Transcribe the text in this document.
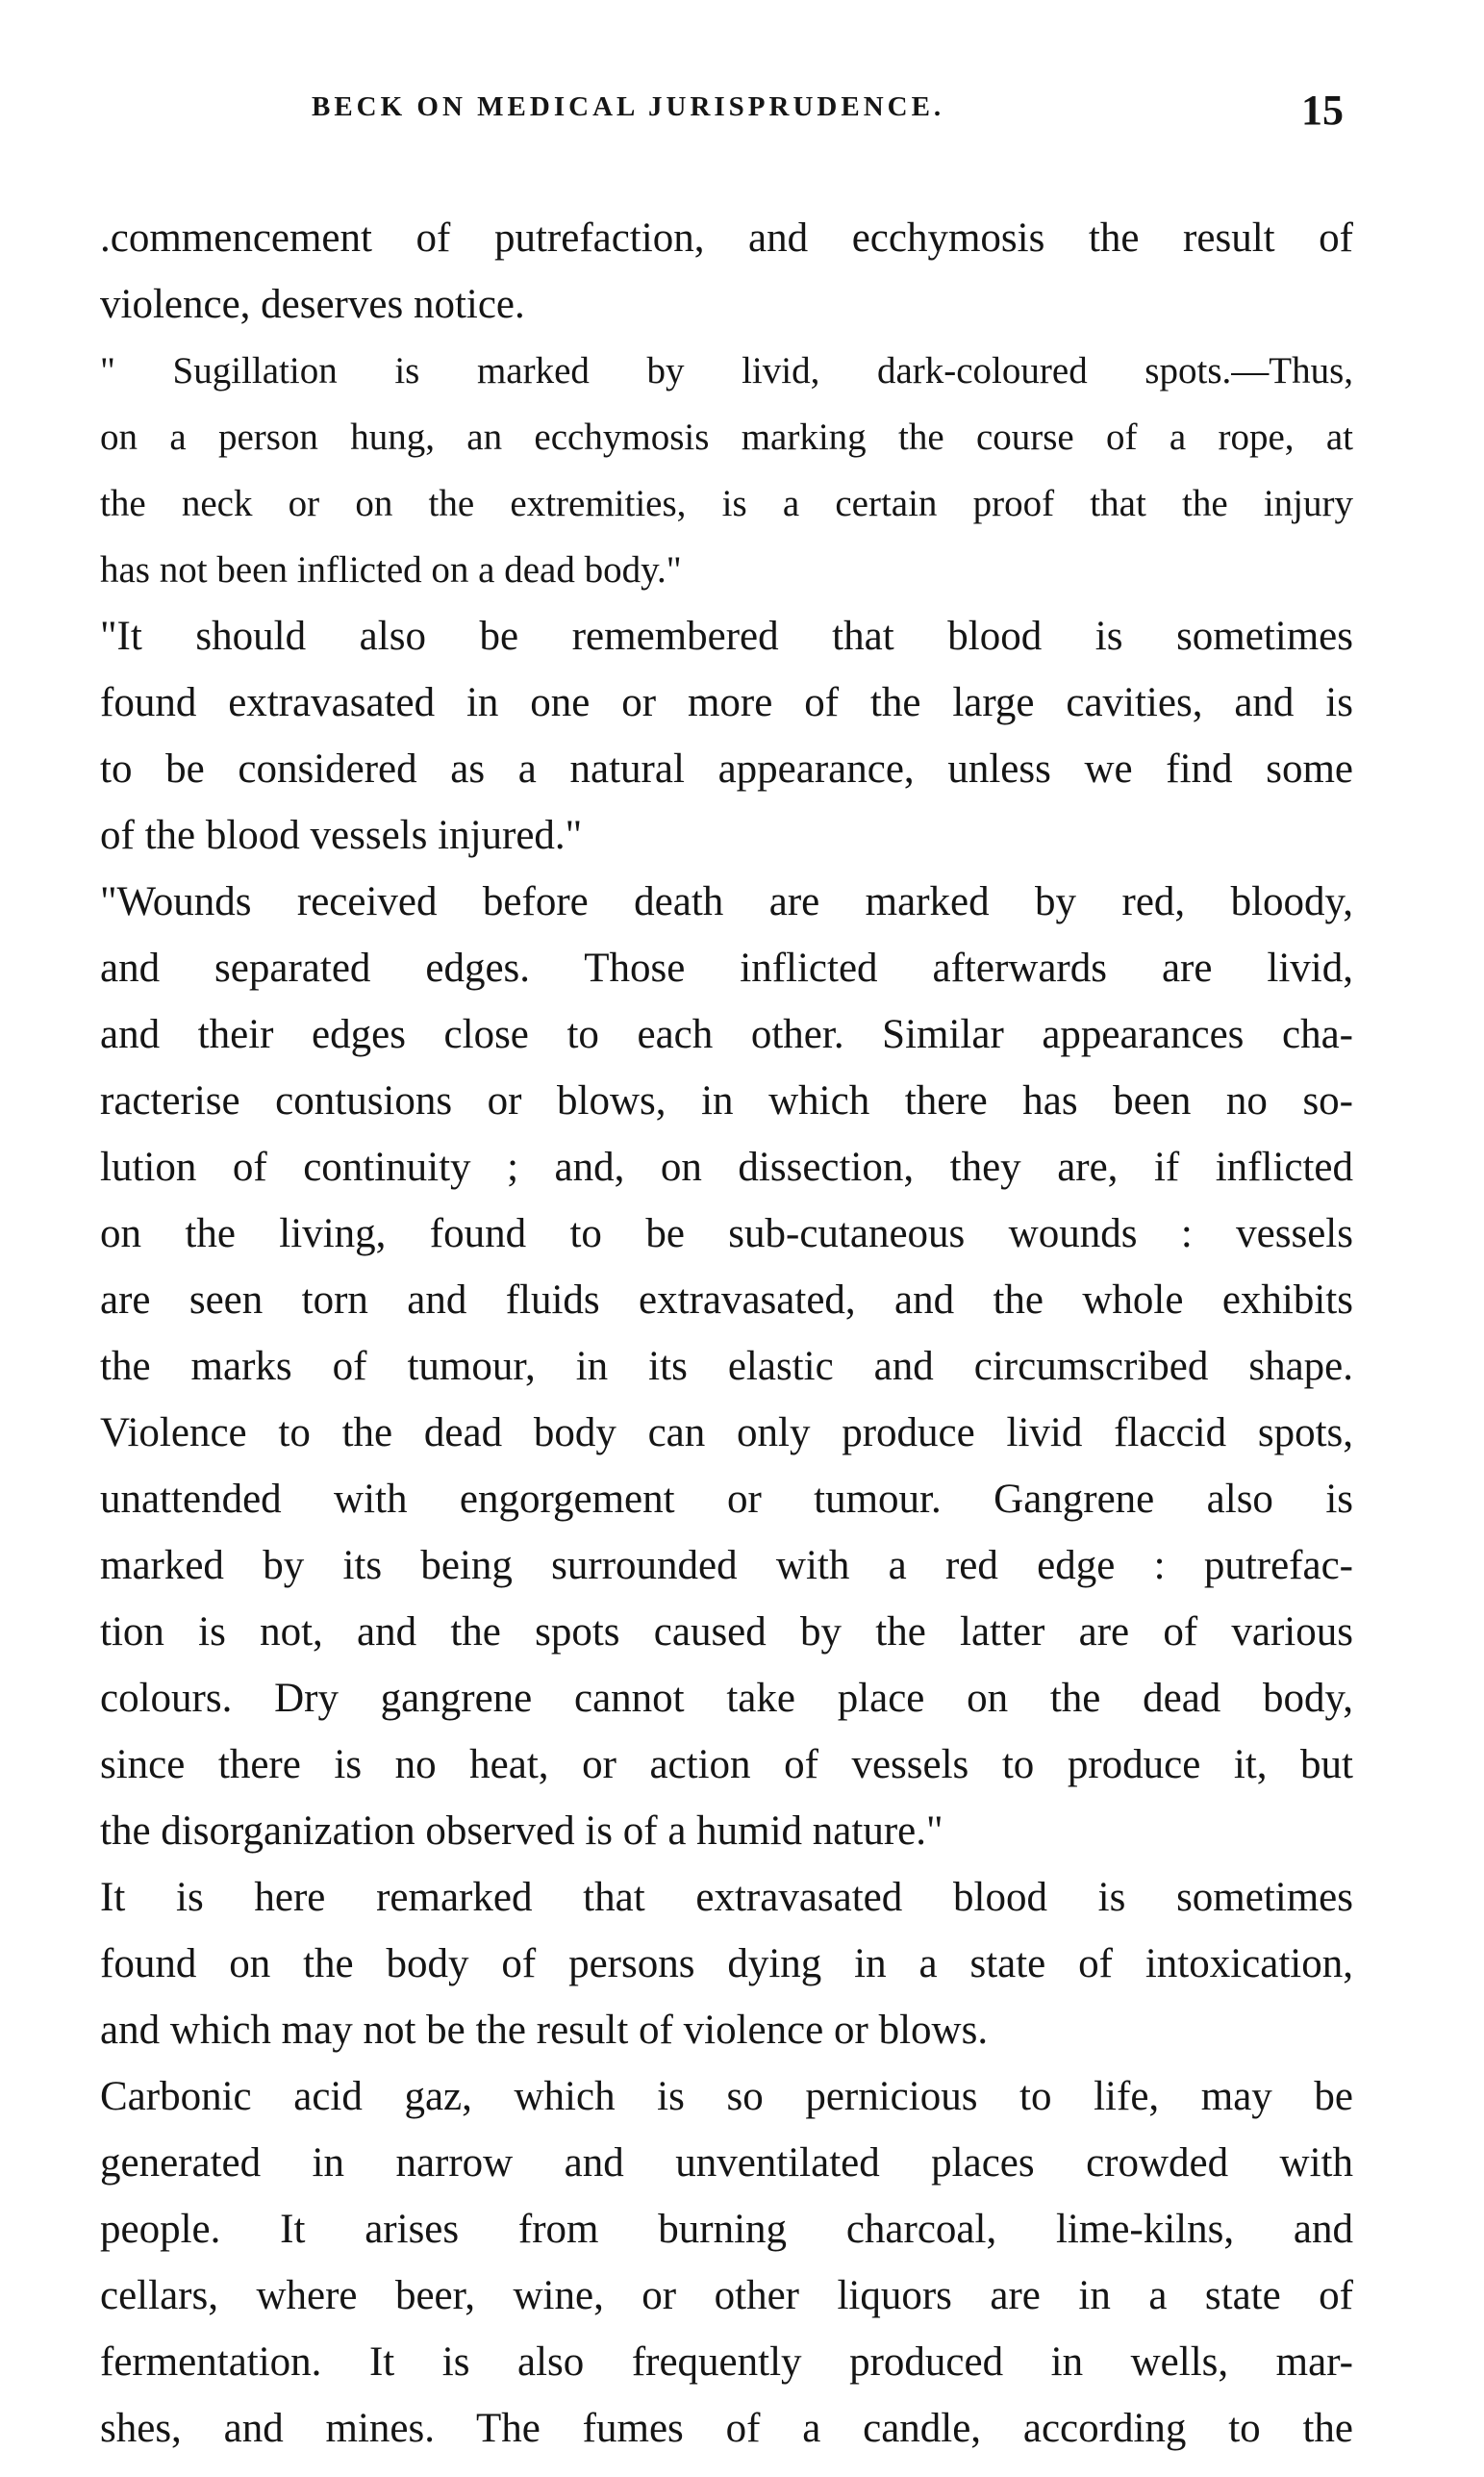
BECK ON MEDICAL JURISPRUDENCE.	15
.commencement of putrefaction, and ecchymosis the result of
violence, deserves notice.
" Sugillation is marked by livid, dark-coloured spots.—Thus,
on a person hung, an ecchymosis marking the course of a rope, at
the neck or on the extremities, is a certain proof that the injury
has not been inflicted on a dead body."
"It should also be remembered that blood is sometimes
found extravasated in one or more of the large cavities, and is
to be considered as a natural appearance, unless we find some
of the blood vessels injured."
"Wounds received before death are marked by red, bloody,
and separated edges. Those inflicted afterwards are livid,
and their edges close to each other. Similar appearances cha-
racterise contusions or blows, in which there has been no so-
lution of continuity ; and, on dissection, they are, if inflicted
on the living, found to be sub-cutaneous wounds : vessels
are seen torn and fluids extravasated, and the whole exhibits
the marks of tumour, in its elastic and circumscribed shape.
Violence to the dead body can only produce livid flaccid spots,
unattended with engorgement or tumour. Gangrene also is
marked by its being surrounded with a red edge : putrefac-
tion is not, and the spots caused by the latter are of various
colours. Dry gangrene cannot take place on the dead body,
since there is no heat, or action of vessels to produce it, but
the disorganization observed is of a humid nature."
It is here remarked that extravasated blood is sometimes
found on the body of persons dying in a state of intoxication,
and which may not be the result of violence or blows.
Carbonic acid gaz, which is so pernicious to life, may be
generated in narrow and unventilated places crowded with
people. It arises from burning charcoal, lime-kilns, and
cellars, where beer, wine, or other liquors are in a state of
fermentation. It is also frequently produced in wells, mar-
shes, and mines. The fumes of a candle, according to the
